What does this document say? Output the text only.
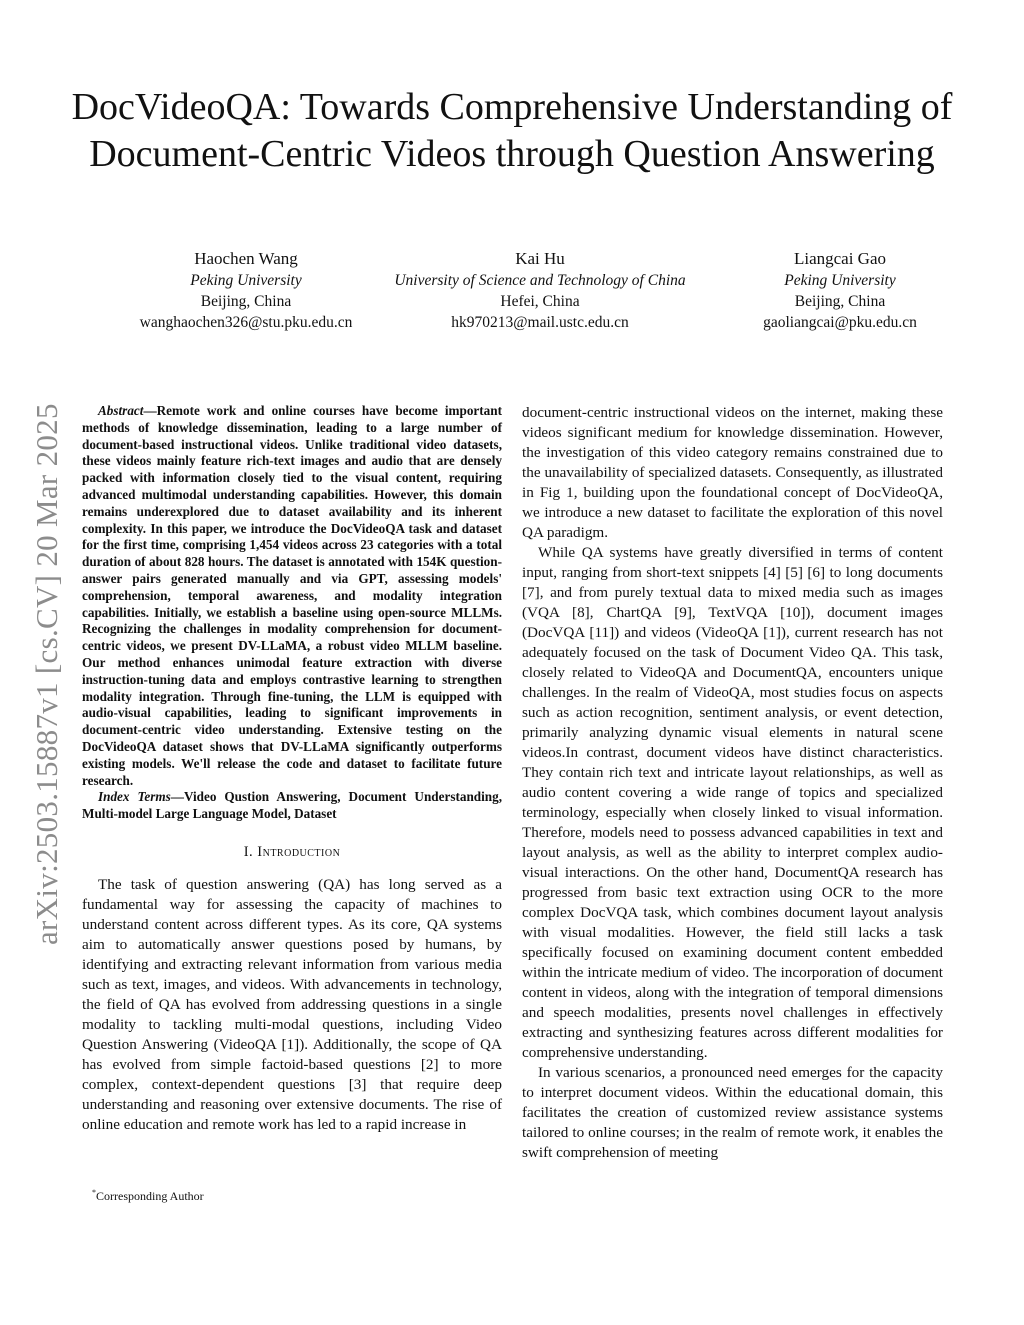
arXiv:2503.15887v1 [cs.CV] 20 Mar 2025
DocVideoQA: Towards Comprehensive Understanding of Document-Centric Videos through Question Answering
Haochen Wang
Peking University
Beijing, China
wanghaochen326@stu.pku.edu.cn
Kai Hu
University of Science and Technology of China
Hefei, China
hk970213@mail.ustc.edu.cn
Liangcai Gao
Peking University
Beijing, China
gaoliangcai@pku.edu.cn

Abstract—Remote work and online courses have become important methods of knowledge dissemination, leading to a large number of document-based instructional videos. Unlike traditional video datasets, these videos mainly feature rich-text images and audio that are densely packed with information closely tied to the visual content, requiring advanced multimodal understanding capabilities. However, this domain remains underexplored due to dataset availability and its inherent complexity. In this paper, we introduce the DocVideoQA task and dataset for the first time, comprising 1,454 videos across 23 categories with a total duration of about 828 hours. The dataset is annotated with 154K question-answer pairs generated manually and via GPT, assessing models' comprehension, temporal awareness, and modality integration capabilities. Initially, we establish a baseline using open-source MLLMs. Recognizing the challenges in modality comprehension for document-centric videos, we present DV-LLaMA, a robust video MLLM baseline. Our method enhances unimodal feature extraction with diverse instruction-tuning data and employs contrastive learning to strengthen modality integration. Through fine-tuning, the LLM is equipped with audio-visual capabilities, leading to significant improvements in document-centric video understanding. Extensive testing on the DocVideoQA dataset shows that DV-LLaMA significantly outperforms existing models. We'll release the code and dataset to facilitate future research.

Index Terms—Video Qustion Answering, Document Understanding, Multi-model Large Language Model, Dataset

I. Introduction

The task of question answering (QA) has long served as a fundamental way for assessing the capacity of machines to understand content across different types. As its core, QA systems aim to automatically answer questions posed by humans, by identifying and extracting relevant information from various media such as text, images, and videos. With advancements in technology, the field of QA has evolved from addressing questions in a single modality to tackling multi-modal questions, including Video Question Answering (VideoQA [1]). Additionally, the scope of QA has evolved from simple factoid-based questions [2] to more complex, context-dependent questions [3] that require deep understanding and reasoning over extensive documents. The rise of online education and remote work has led to a rapid increase in

*Corresponding Author

document-centric instructional videos on the internet, making these videos significant medium for knowledge dissemination. However, the investigation of this video category remains constrained due to the unavailability of specialized datasets. Consequently, as illustrated in Fig 1, building upon the foundational concept of DocVideoQA, we introduce a new dataset to facilitate the exploration of this novel QA paradigm.

While QA systems have greatly diversified in terms of content input, ranging from short-text snippets [4] [5] [6] to long documents [7], and from purely textual data to mixed media such as images (VQA [8], ChartQA [9], TextVQA [10]), document images (DocVQA [11]) and videos (VideoQA [1]), current research has not adequately focused on the task of Document Video QA. This task, closely related to VideoQA and DocumentQA, encounters unique challenges. In the realm of VideoQA, most studies focus on aspects such as action recognition, sentiment analysis, or event detection, primarily analyzing dynamic visual elements in natural scene videos.In contrast, document videos have distinct characteristics. They contain rich text and intricate layout relationships, as well as audio content covering a wide range of topics and specialized terminology, especially when closely linked to visual information. Therefore, models need to possess advanced capabilities in text and layout analysis, as well as the ability to interpret complex audio-visual interactions. On the other hand, DocumentQA research has progressed from basic text extraction using OCR to the more complex DocVQA task, which combines document layout analysis with visual modalities. However, the field still lacks a task specifically focused on examining document content embedded within the intricate medium of video. The incorporation of document content in videos, along with the integration of temporal dimensions and speech modalities, presents novel challenges in effectively extracting and synthesizing features across different modalities for comprehensive understanding.

In various scenarios, a pronounced need emerges for the capacity to interpret document videos. Within the educational domain, this facilitates the creation of customized review assistance systems tailored to online courses; in the realm of remote work, it enables the swift comprehension of meeting
